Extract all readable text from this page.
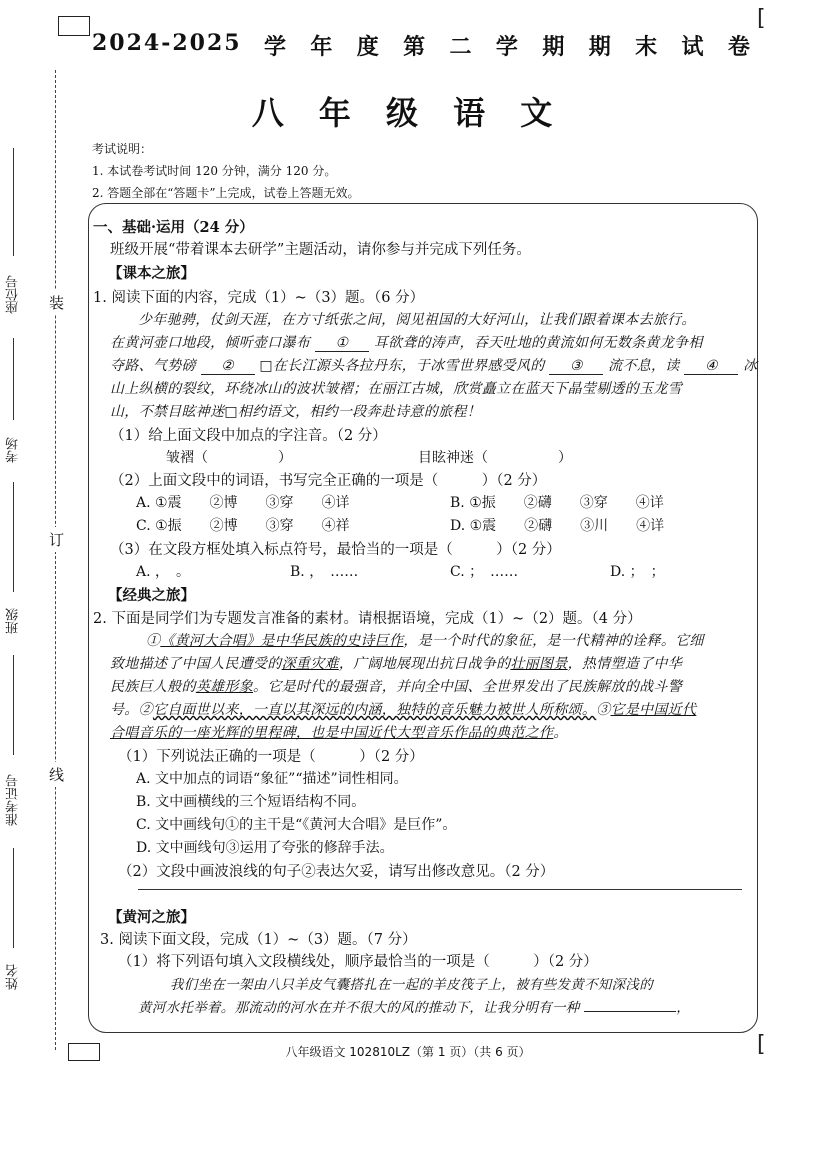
[
[
2024-2025 学 年 度 第 二 学 期 期 末 试 卷
八 年 级 语 文
考试说明：
1. 本试卷考试时间 120 分钟，满分 120 分。
2. 答题全部在“答题卡”上完成，试卷上答题无效。
装
订
线
座位号
考场
班级
准考证号
姓名
一、基础·运用（24 分）
班级开展“带着课本去研学”主题活动，请你参与并完成下列任务。
【课本之旅】
1. 阅读下面的内容，完成（1）~（3）题。（6 分）
少年驰骋，仗剑天涯，在方寸纸张之间，阅见祖国的大好河山，让我们跟着课本去旅行。
在黄河壶口地段，倾听壶口瀑布 ① 耳欲聋的涛声，吞天吐地的黄流如何无数条黄龙争相
夺路、气势磅 ② □在长江源头各拉丹东，于冰雪世界感受风的 ③ 流不息，读 ④ 冰
山上纵横的裂纹，环绕冰山的波状皱褶；在丽江古城，欣赏矗立在蓝天下晶莹剔透的玉龙雪
山，不禁目眩神迷□相约语文，相约一段奔赴诗意的旅程！
（1）给上面文段中加点的字注音。（2 分）
皱褶（　　　　　）	目眩神迷（　　　　　）
（2）上面文段中的词语，书写完全正确的一项是（　　　）（2 分）
A. ①震　　②博　　③穿　　④详	B. ①振　　②礴　　③穿　　④详
C. ①振　　②博　　③穿　　④祥	D. ①震　　②礴　　③川　　④详
（3）在文段方框处填入标点符号，最恰当的一项是（　　　）（2 分）
A. ，　。	B. ，　……	C. ；　……	D. ；　；
【经典之旅】
2. 下面是同学们为专题发言准备的素材。请根据语境，完成（1）~（2）题。（4 分）
①《黄河大合唱》是中华民族的史诗巨作，是一个时代的象征，是一代精神的诠释。它细
致地描述了中国人民遭受的深重灾难，广阔地展现出抗日战争的壮丽图景，热情塑造了中华
民族巨人般的英雄形象。它是时代的最强音，并向全中国、全世界发出了民族解放的战斗警
号。②它自面世以来，一直以其深远的内涵，独特的音乐魅力被世人所称颂。③它是中国近代
合唱音乐的一座光辉的里程碑，也是中国近代大型音乐作品的典范之作。
（1）下列说法正确的一项是（　　　）（2 分）
A. 文中加点的词语“象征”“描述”词性相同。
B. 文中画横线的三个短语结构不同。
C. 文中画线句①的主干是“《黄河大合唱》是巨作”。
D. 文中画线句③运用了夸张的修辞手法。
（2）文段中画波浪线的句子②表达欠妥，请写出修改意见。（2 分）
【黄河之旅】
3. 阅读下面文段，完成（1）~（3）题。（7 分）
（1）将下列语句填入文段横线处，顺序最恰当的一项是（　　　）（2 分）
我们坐在一架由八只羊皮气囊搭扎在一起的羊皮筏子上，被有些发黄不知深浅的
黄河水托举着。那流动的河水在并不很大的风的推动下，让我分明有一种	，
八年级语文 102810LZ（第 1 页）（共 6 页）
